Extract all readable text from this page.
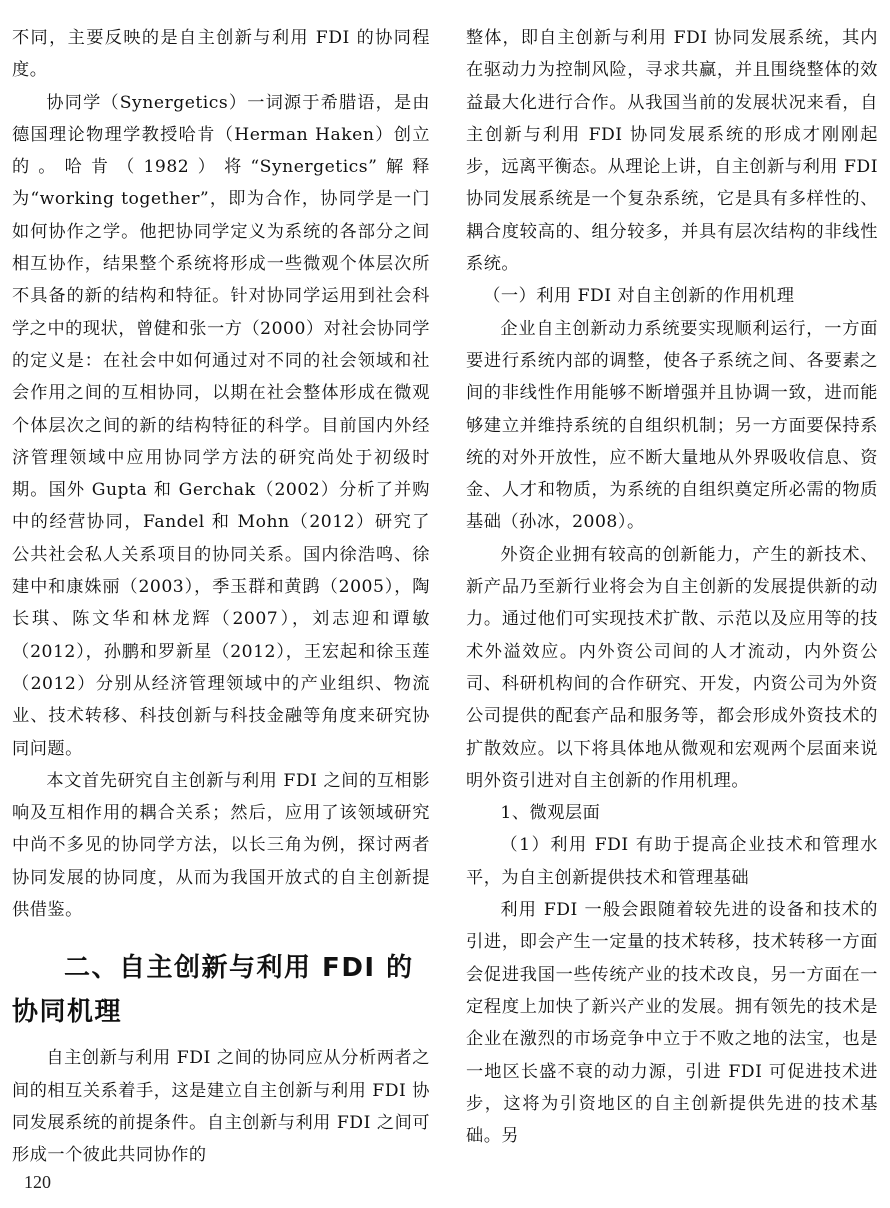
不同，主要反映的是自主创新与利用 FDI 的协同程度。

协同学（Synergetics）一词源于希腊语，是由德国理论物理学教授哈肯（Herman Haken）创立的。哈肯（1982）将“Synergetics”解释为“working together”，即为合作，协同学是一门如何协作之学。他把协同学定义为系统的各部分之间相互协作，结果整个系统将形成一些微观个体层次所不具备的新的结构和特征。针对协同学运用到社会科学之中的现状，曾健和张一方（2000）对社会协同学的定义是：在社会中如何通过对不同的社会领域和社会作用之间的互相协同，以期在社会整体形成在微观个体层次之间的新的结构特征的科学。目前国内外经济管理领域中应用协同学方法的研究尚处于初级时期。国外 Gupta 和 Gerchak（2002）分析了并购中的经营协同，Fandel 和 Mohn（2012）研究了公共社会私人关系项目的协同关系。国内徐浩鸣、徐建中和康姝丽（2003），季玉群和黄鹍（2005），陶长琪、陈文华和林龙辉（2007），刘志迎和谭敏（2012），孙鹏和罗新星（2012），王宏起和徐玉莲（2012）分别从经济管理领域中的产业组织、物流业、技术转移、科技创新与科技金融等角度来研究协同问题。

本文首先研究自主创新与利用 FDI 之间的互相影响及互相作用的耦合关系；然后，应用了该领域研究中尚不多见的协同学方法，以长三角为例，探讨两者协同发展的协同度，从而为我国开放式的自主创新提供借鉴。

二、自主创新与利用 FDI 的协同机理

自主创新与利用 FDI 之间的协同应从分析两者之间的相互关系着手，这是建立自主创新与利用 FDI 协同发展系统的前提条件。自主创新与利用 FDI 之间可形成一个彼此共同协作的

整体，即自主创新与利用 FDI 协同发展系统，其内在驱动力为控制风险，寻求共赢，并且围绕整体的效益最大化进行合作。从我国当前的发展状况来看，自主创新与利用 FDI 协同发展系统的形成才刚刚起步，远离平衡态。从理论上讲，自主创新与利用 FDI 协同发展系统是一个复杂系统，它是具有多样性的、耦合度较高的、组分较多，并具有层次结构的非线性系统。

（一）利用 FDI 对自主创新的作用机理

企业自主创新动力系统要实现顺利运行，一方面要进行系统内部的调整，使各子系统之间、各要素之间的非线性作用能够不断增强并且协调一致，进而能够建立并维持系统的自组织机制；另一方面要保持系统的对外开放性，应不断大量地从外界吸收信息、资金、人才和物质，为系统的自组织奠定所必需的物质基础（孙冰，2008）。

外资企业拥有较高的创新能力，产生的新技术、新产品乃至新行业将会为自主创新的发展提供新的动力。通过他们可实现技术扩散、示范以及应用等的技术外溢效应。内外资公司间的人才流动，内外资公司、科研机构间的合作研究、开发，内资公司为外资公司提供的配套产品和服务等，都会形成外资技术的扩散效应。以下将具体地从微观和宏观两个层面来说明外资引进对自主创新的作用机理。

1、微观层面

（1）利用 FDI 有助于提高企业技术和管理水平，为自主创新提供技术和管理基础

利用 FDI 一般会跟随着较先进的设备和技术的引进，即会产生一定量的技术转移，技术转移一方面会促进我国一些传统产业的技术改良，另一方面在一定程度上加快了新兴产业的发展。拥有领先的技术是企业在激烈的市场竞争中立于不败之地的法宝，也是一地区长盛不衰的动力源，引进 FDI 可促进技术进步，这将为引资地区的自主创新提供先进的技术基础。另

120
